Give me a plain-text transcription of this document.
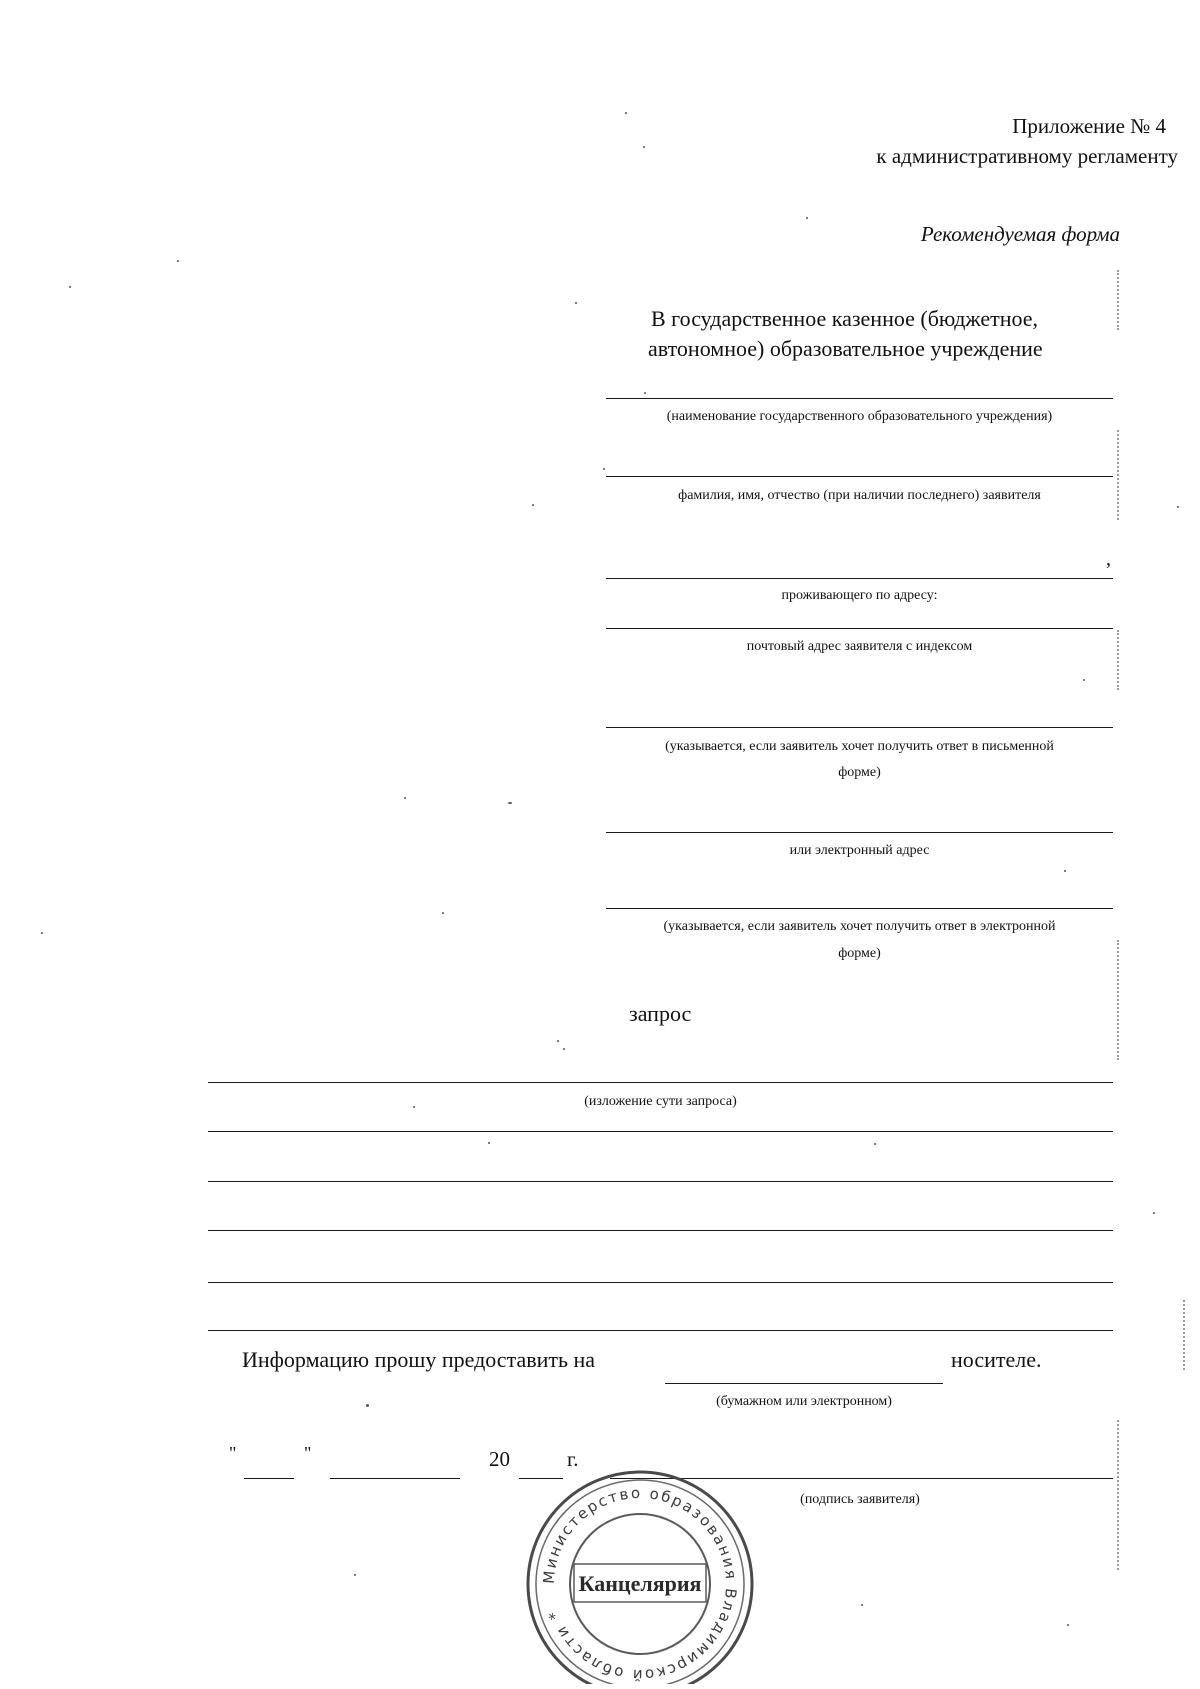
Приложение № 4
к административному регламенту
Рекомендуемая форма
В государственное казенное (бюджетное,
автономное) образовательное учреждение
(наименование государственного образовательного учреждения)
фамилия, имя, отчество (при наличии последнего) заявителя
,
проживающего по адресу:
почтовый адрес заявителя с индексом
(указывается, если заявитель хочет получить ответ в письменной
форме)
или электронный адрес
(указывается, если заявитель хочет получить ответ в электронной
форме)
запрос
(изложение сути запроса)
Информацию прошу предоставить на	носителе.
(бумажном или электронном)
"	"	20	г.
(подпись заявителя)
Министерство образования Владимирской области *
Канцелярия
